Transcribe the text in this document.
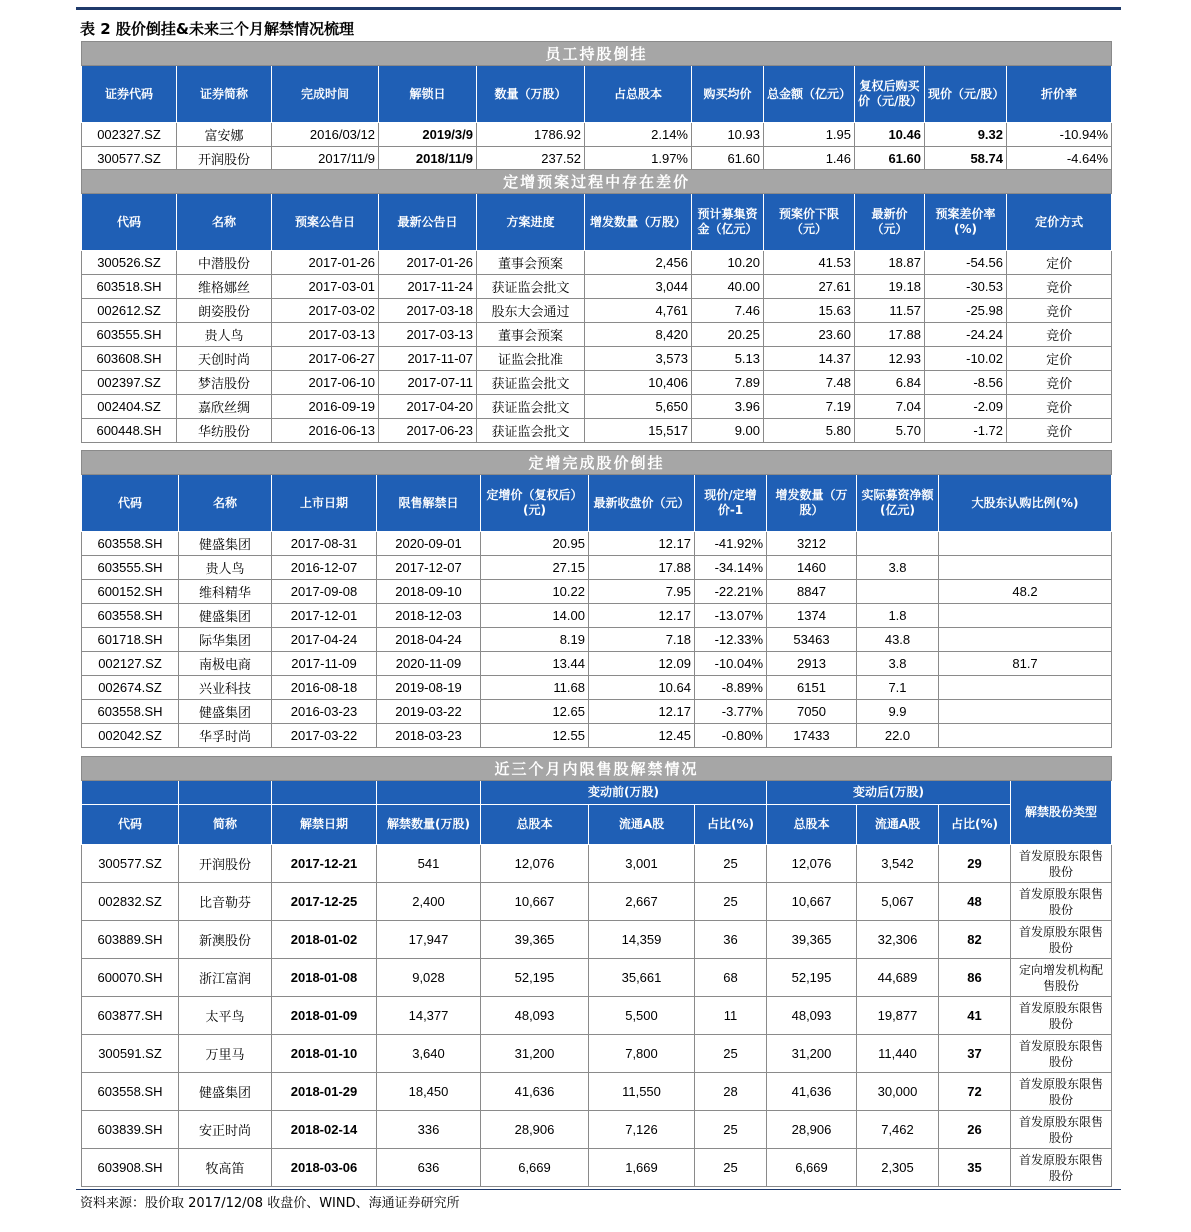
表 2 股价倒挂&未来三个月解禁情况梳理
员工持股倒挂										
证券代码	证券简称	完成时间	解锁日	数量（万股）	占总股本	购买均价	总金额（亿元）	复权后购买价（元/股）	现价（元/股）	折价率
002327.SZ	富安娜	2016/03/12	2019/3/9	1786.92	2.14%	10.93	1.95	10.46	9.32	-10.94%
300577.SZ	开润股份	2017/11/9	2018/11/9	237.52	1.97%	61.60	1.46	61.60	58.74	-4.64%
定增预案过程中存在差价										
代码	名称	预案公告日	最新公告日	方案进度	增发数量（万股）	预计募集资金（亿元）	预案价下限（元）	最新价（元）	预案差价率(%)	定价方式
300526.SZ	中潜股份	2017-01-26	2017-01-26	董事会预案	2,456	10.20	41.53	18.87	-54.56	定价
603518.SH	维格娜丝	2017-03-01	2017-11-24	获证监会批文	3,044	40.00	27.61	19.18	-30.53	竞价
002612.SZ	朗姿股份	2017-03-02	2017-03-18	股东大会通过	4,761	7.46	15.63	11.57	-25.98	竞价
603555.SH	贵人鸟	2017-03-13	2017-03-13	董事会预案	8,420	20.25	23.60	17.88	-24.24	竞价
603608.SH	天创时尚	2017-06-27	2017-11-07	证监会批准	3,573	5.13	14.37	12.93	-10.02	定价
002397.SZ	梦洁股份	2017-06-10	2017-07-11	获证监会批文	10,406	7.89	7.48	6.84	-8.56	竞价
002404.SZ	嘉欣丝绸	2016-09-19	2017-04-20	获证监会批文	5,650	3.96	7.19	7.04	-2.09	竞价
600448.SH	华纺股份	2016-06-13	2017-06-23	获证监会批文	15,517	9.00	5.80	5.70	-1.72	竞价
定增完成股价倒挂									
代码	名称	上市日期	限售解禁日	定增价（复权后）(元)	最新收盘价（元）	现价/定增价-1	增发数量（万股）	实际募资净额(亿元)	大股东认购比例(%)
603558.SH	健盛集团	2017-08-31	2020-09-01	20.95	12.17	-41.92%	3212		
603555.SH	贵人鸟	2016-12-07	2017-12-07	27.15	17.88	-34.14%	1460	3.8	
600152.SH	维科精华	2017-09-08	2018-09-10	10.22	7.95	-22.21%	8847		48.2
603558.SH	健盛集团	2017-12-01	2018-12-03	14.00	12.17	-13.07%	1374	1.8	
601718.SH	际华集团	2017-04-24	2018-04-24	8.19	7.18	-12.33%	53463	43.8	
002127.SZ	南极电商	2017-11-09	2020-11-09	13.44	12.09	-10.04%	2913	3.8	81.7
002674.SZ	兴业科技	2016-08-18	2019-08-19	11.68	10.64	-8.89%	6151	7.1	
603558.SH	健盛集团	2016-03-23	2019-03-22	12.65	12.17	-3.77%	7050	9.9	
002042.SZ	华孚时尚	2017-03-22	2018-03-23	12.55	12.45	-0.80%	17433	22.0	
近三个月内限售股解禁情况										
				变动前(万股)			变动后(万股)			解禁股份类型
代码	简称	解禁日期	解禁数量(万股)	总股本	流通A股	占比(%)	总股本	流通A股	占比(%)	
300577.SZ	开润股份	2017-12-21	541	12,076	3,001	25	12,076	3,542	29	首发原股东限售股份
002832.SZ	比音勒芬	2017-12-25	2,400	10,667	2,667	25	10,667	5,067	48	首发原股东限售股份
603889.SH	新澳股份	2018-01-02	17,947	39,365	14,359	36	39,365	32,306	82	首发原股东限售股份
600070.SH	浙江富润	2018-01-08	9,028	52,195	35,661	68	52,195	44,689	86	定向增发机构配售股份
603877.SH	太平鸟	2018-01-09	14,377	48,093	5,500	11	48,093	19,877	41	首发原股东限售股份
300591.SZ	万里马	2018-01-10	3,640	31,200	7,800	25	31,200	11,440	37	首发原股东限售股份
603558.SH	健盛集团	2018-01-29	18,450	41,636	11,550	28	41,636	30,000	72	首发原股东限售股份
603839.SH	安正时尚	2018-02-14	336	28,906	7,126	25	28,906	7,462	26	首发原股东限售股份
603908.SH	牧高笛	2018-03-06	636	6,669	1,669	25	6,669	2,305	35	首发原股东限售股份
资料来源：股价取 2017/12/08 收盘价、WIND、海通证券研究所
